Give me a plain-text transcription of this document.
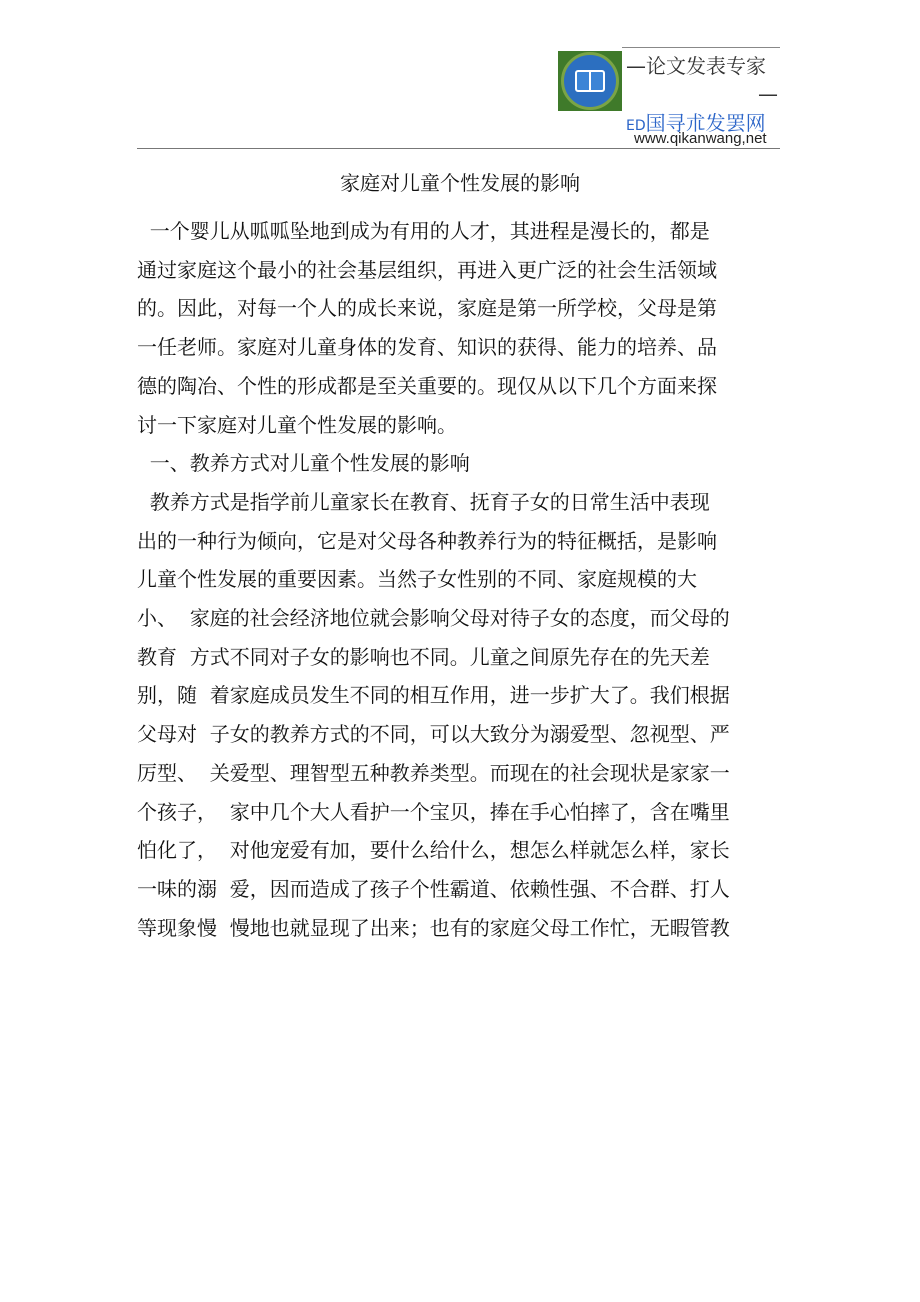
—论文发表专家
—
ED国寻朮发罢网
www.qikanwang,net
家庭对儿童个性发展的影响
一个婴儿从呱呱坠地到成为有用的人才，其进程是漫长的，都是
通过家庭这个最小的社会基层组织，再进入更广泛的社会生活领域
的。因此，对每一个人的成长来说，家庭是第一所学校，父母是第
一任老师。家庭对儿童身体的发育、知识的获得、能力的培养、品
德的陶冶、个性的形成都是至关重要的。现仅从以下几个方面来探
讨一下家庭对儿童个性发展的影响。
一、教养方式对儿童个性发展的影响
教养方式是指学前儿童家长在教育、抚育子女的日常生活中表现
出的一种行为倾向，它是对父母各种教养行为的特征概括，是影响
儿童个性发展的重要因素。当然子女性别的不同、家庭规模的大
小、  家庭的社会经济地位就会影响父母对待子女的态度，而父母的
教育  方式不同对子女的影响也不同。儿童之间原先存在的先天差
别，随  着家庭成员发生不同的相互作用，进一步扩大了。我们根据
父母对  子女的教养方式的不同，可以大致分为溺爱型、忽视型、严
厉型、  关爱型、理智型五种教养类型。而现在的社会现状是家家一
个孩子，  家中几个大人看护一个宝贝，捧在手心怕摔了，含在嘴里
怕化了，  对他宠爱有加，要什么给什么，想怎么样就怎么样，家长
一味的溺  爱，因而造成了孩子个性霸道、依赖性强、不合群、打人
等现象慢  慢地也就显现了出来；也有的家庭父母工作忙，无暇管教
